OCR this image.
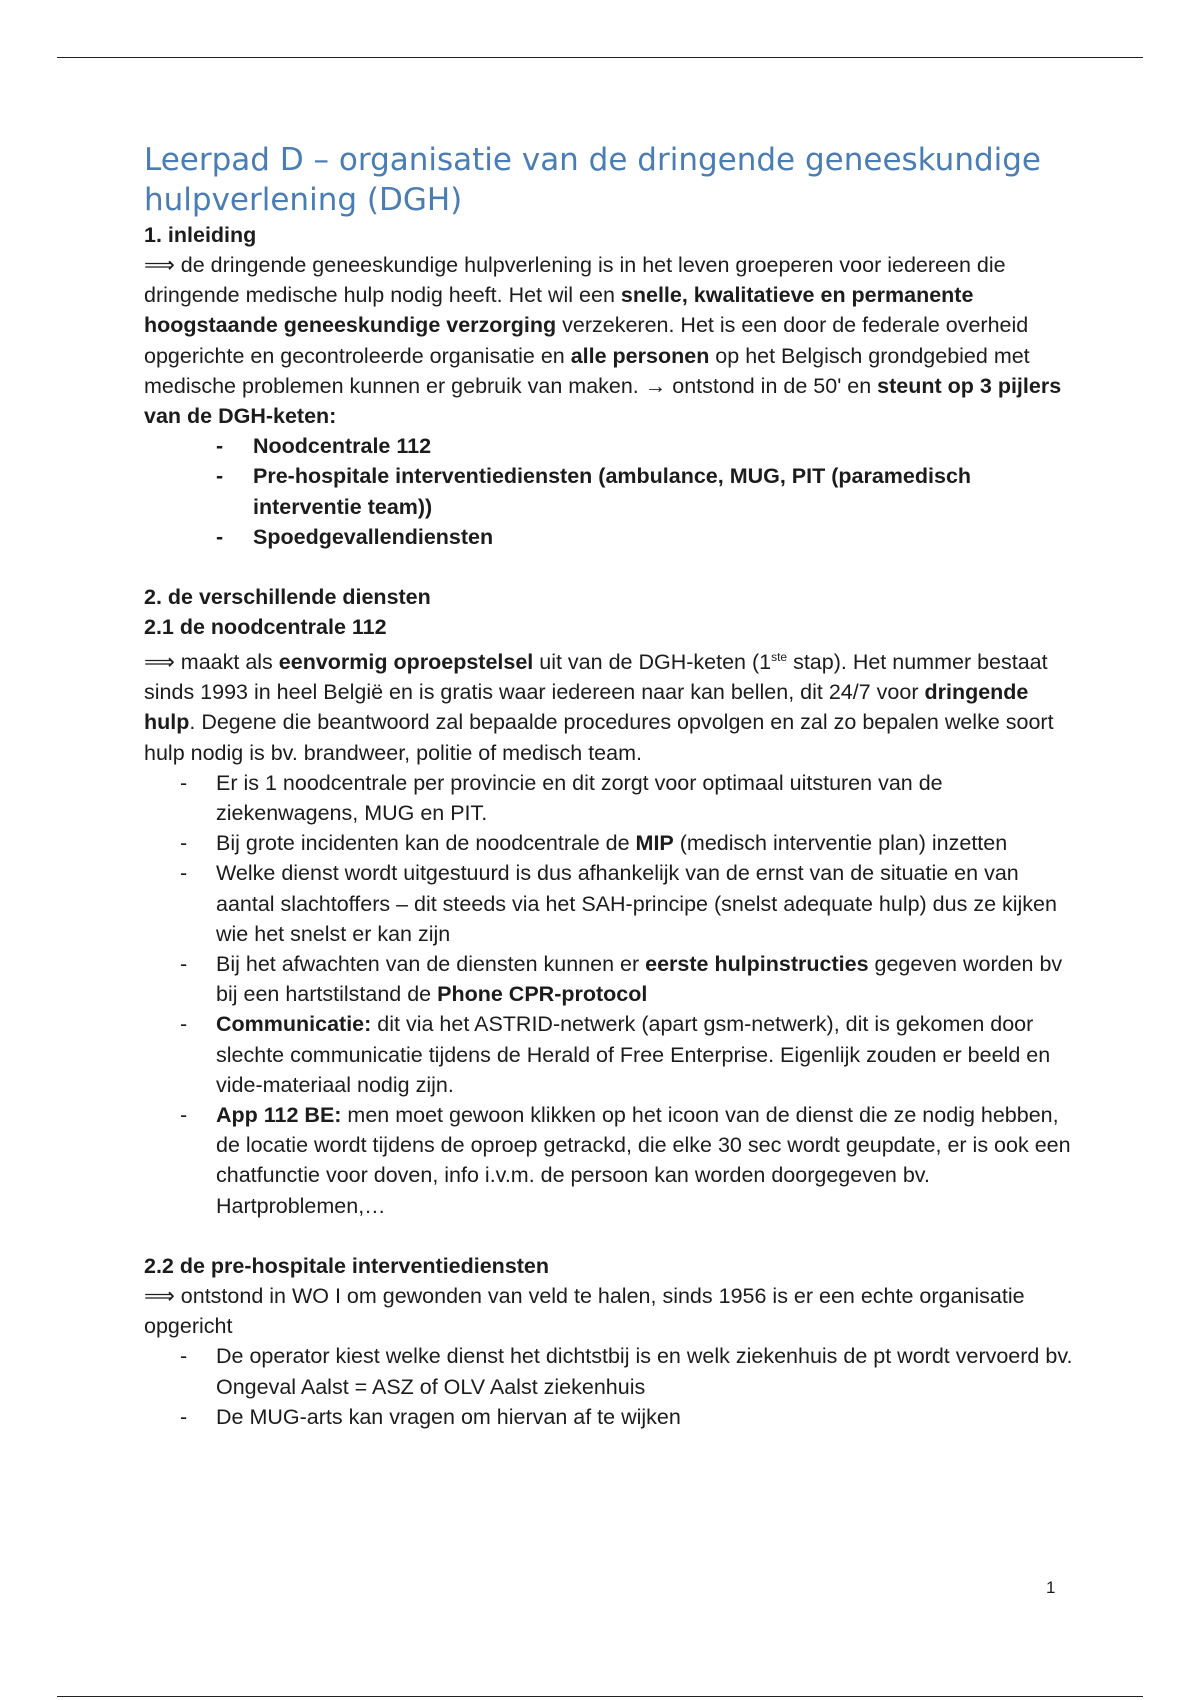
Leerpad D – organisatie van de dringende geneeskundige hulpverlening (DGH)
1. inleiding

⟹ de dringende geneeskundige hulpverlening is in het leven groeperen voor iedereen die dringende medische hulp nodig heeft. Het wil een snelle, kwalitatieve en permanente hoogstaande geneeskundige verzorging verzekeren. Het is een door de federale overheid opgerichte en gecontroleerde organisatie en alle personen op het Belgisch grondgebied met medische problemen kunnen er gebruik van maken. → ontstond in de 50' en steunt op 3 pijlers van de DGH-keten:

- Noodcentrale 112
- Pre-hospitale interventiediensten (ambulance, MUG, PIT (paramedisch interventie team))
- Spoedgevallendiensten
2. de verschillende diensten
2.1 de noodcentrale 112

⟹ maakt als eenvormig oproepstelsel uit van de DGH-keten (1ste stap). Het nummer bestaat sinds 1993 in heel België en is gratis waar iedereen naar kan bellen, dit 24/7 voor dringende hulp. Degene die beantwoord zal bepaalde procedures opvolgen en zal zo bepalen welke soort hulp nodig is bv. brandweer, politie of medisch team.

- Er is 1 noodcentrale per provincie en dit zorgt voor optimaal uitsturen van de ziekenwagens, MUG en PIT.
- Bij grote incidenten kan de noodcentrale de MIP (medisch interventie plan) inzetten
- Welke dienst wordt uitgestuurd is dus afhankelijk van de ernst van de situatie en van aantal slachtoffers – dit steeds via het SAH-principe (snelst adequate hulp) dus ze kijken wie het snelst er kan zijn
- Bij het afwachten van de diensten kunnen er eerste hulpinstructies gegeven worden bv bij een hartstilstand de Phone CPR-protocol
- Communicatie: dit via het ASTRID-netwerk (apart gsm-netwerk), dit is gekomen door slechte communicatie tijdens de Herald of Free Enterprise. Eigenlijk zouden er beeld en vide-materiaal nodig zijn.
- App 112 BE: men moet gewoon klikken op het icoon van de dienst die ze nodig hebben, de locatie wordt tijdens de oproep getrackd, die elke 30 sec wordt geupdate, er is ook een chatfunctie voor doven, info i.v.m. de persoon kan worden doorgegeven bv. Hartproblemen,…
2.2 de pre-hospitale interventiediensten

⟹ ontstond in WO I om gewonden van veld te halen, sinds 1956 is er een echte organisatie opgericht

- De operator kiest welke dienst het dichtstbij is en welk ziekenhuis de pt wordt vervoerd bv. Ongeval Aalst = ASZ of OLV Aalst ziekenhuis
- De MUG-arts kan vragen om hiervan af te wijken
1
